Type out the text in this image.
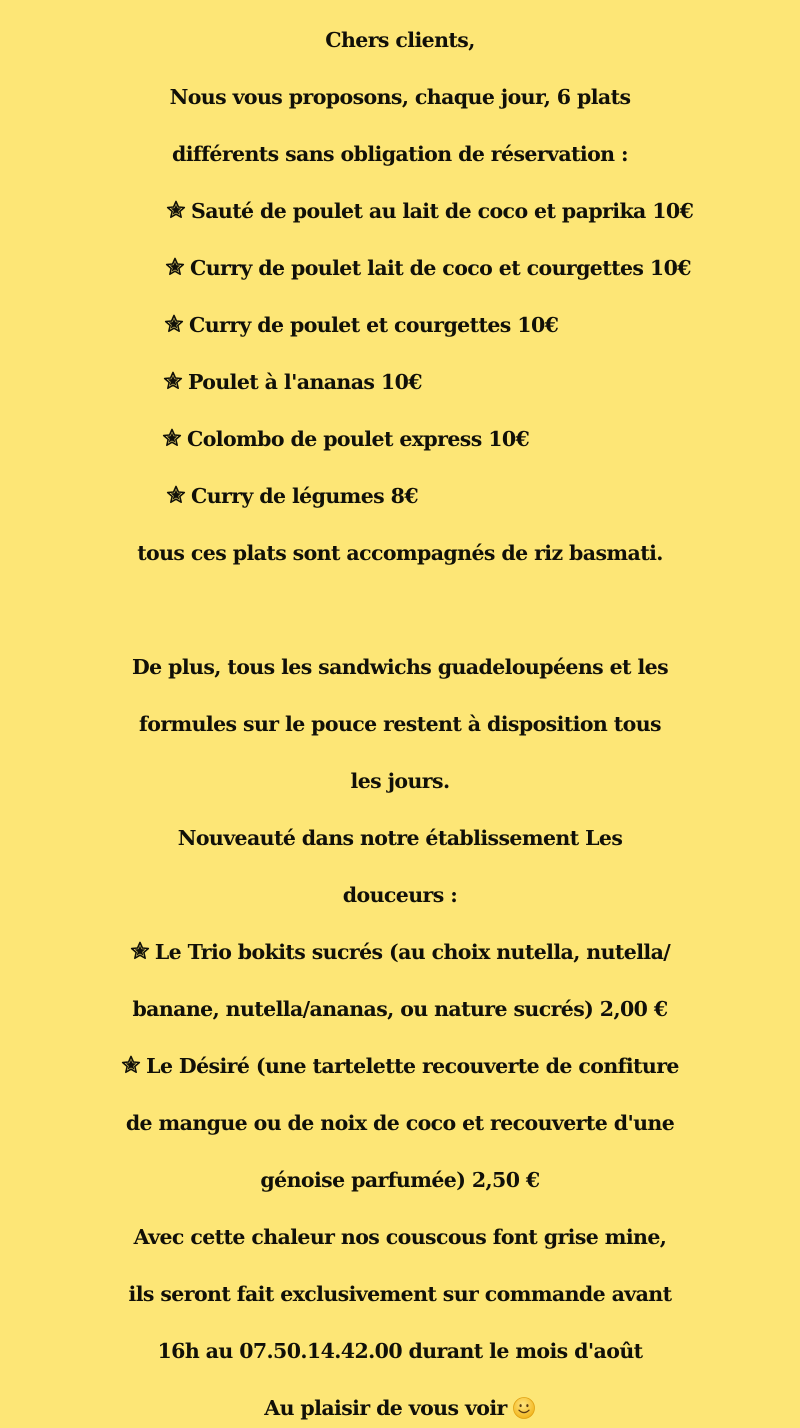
Chers clients,
Nous vous proposons, chaque jour, 6 plats
différents sans obligation de réservation :
Sauté de poulet au lait de coco et paprika 10€
Curry de poulet lait de coco et courgettes 10€
Curry de poulet et courgettes 10€
Poulet à l'ananas 10€
Colombo de poulet express 10€
Curry de légumes 8€
tous ces plats sont accompagnés de riz basmati.
De plus, tous les sandwichs guadeloupéens et les
formules sur le pouce restent à disposition tous
les jours.
Nouveauté dans notre établissement Les
douceurs :
Le Trio bokits sucrés (au choix nutella, nutella/
banane, nutella/ananas, ou nature sucrés) 2,00 €
Le Désiré (une tartelette recouverte de confiture
de mangue ou de noix de coco et recouverte d'une
génoise parfumée) 2,50 €
Avec cette chaleur nos couscous font grise mine,
ils seront fait exclusivement sur commande avant
16h au 07.50.14.42.00 durant le mois d'août
Au plaisir de vous voir
